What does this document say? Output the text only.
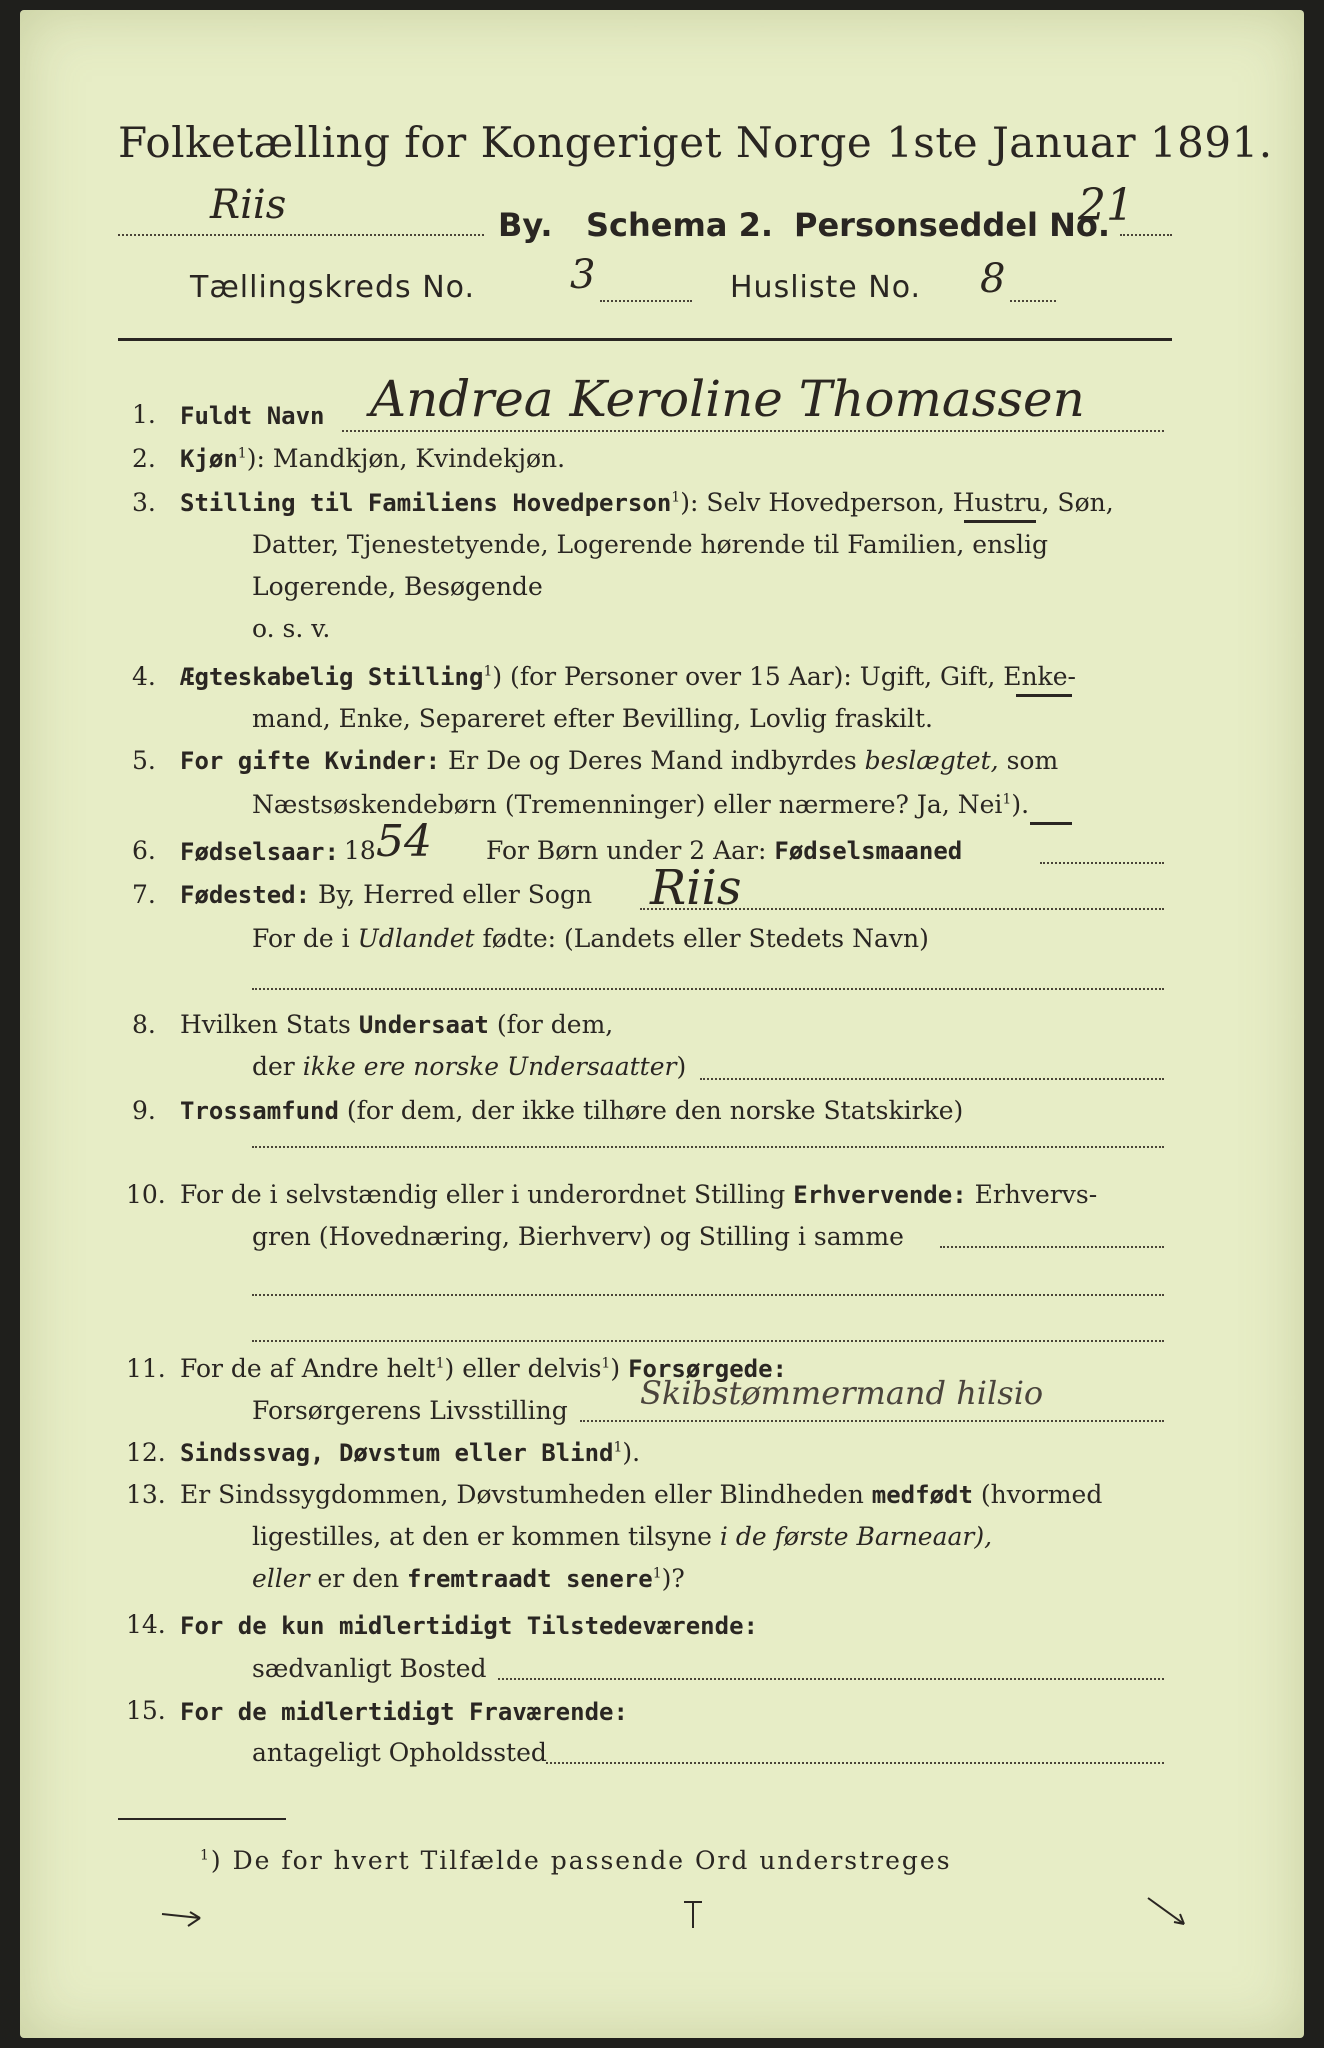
Folketælling for Kongeriget Norge 1ste Januar 1891.
Riis	By. Schema 2. Personseddel No.
21
Tællingskreds No. 3	Husliste No. 8
1. Fuldt Navn Andrea Keroline Thomassen
2. Kjøn$^1$): Mandkjøn, Kvindekjøn.
3. Stilling til Familiens Hovedperson$^1$): Selv Hovedperson, Hustru, Søn,
Datter, Tjenestetyende, Logerende hørende til Familien, enslig
Logerende, Besøgende
o. s. v.
4. Ægteskabelig Stilling$^1$) (for Personer over 15 Aar): Ugift, Gift, Enke-
mand, Enke, Separeret efter Bevilling, Lovlig fraskilt.
5. For gifte Kvinder: Er De og Deres Mand indbyrdes beslægtet, som
Næstsøskendebørn (Tremenninger) eller nærmere? Ja, Nei$^1$).
6. Fødselsaar: 18 54 For Børn under 2 Aar: Fødselsmaaned
7. Fødested: By, Herred eller Sogn Riis
For de i Udlandet fødte: (Landets eller Stedets Navn)
8. Hvilken Stats Undersaat (for dem,
der ikke ere norske Undersaatter)
9. Trossamfund (for dem, der ikke tilhøre den norske Statskirke)
10. For de i selvstændig eller i underordnet Stilling Erhvervende: Erhvervs-
gren (Hovednæring, Bierhverv) og Stilling i samme
11. For de af Andre helt$^1$) eller delvis$^1$) Forsørgede:
Forsørgerens Livsstilling Skibstømmermand hilsio
12. Sindssvag, Døvstum eller Blind$^1$).
13. Er Sindssygdommen, Døvstumheden eller Blindheden medfødt (hvormed
ligestilles, at den er kommen tilsyne i de første Barneaar),
eller er den fremtraadt senere$^1$)?
14. For de kun midlertidigt Tilstedeværende:
sædvanligt Bosted
15. For de midlertidigt Fraværende:
antageligt Opholdssted
$^1$) De for hvert Tilfælde passende Ord understreges
